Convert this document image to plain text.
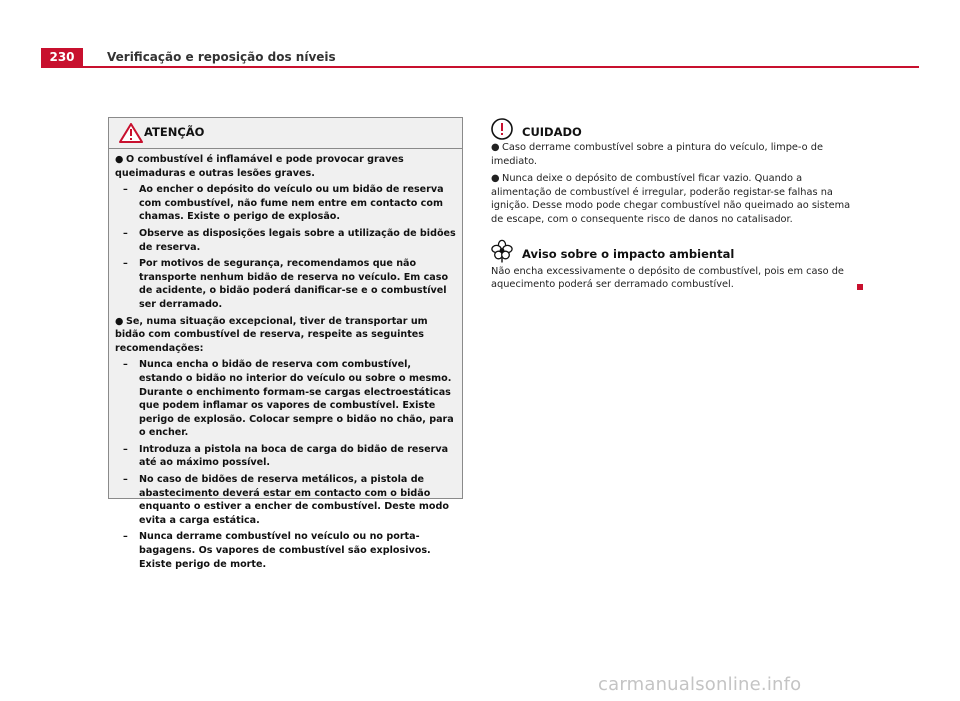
230	Verificação e reposição dos níveis
ATENÇÃO
● O combustível é inflamável e pode provocar graves queimaduras e outras lesões graves.
– Ao encher o depósito do veículo ou um bidão de reserva com combustível, não fume nem entre em contacto com chamas. Existe o perigo de explosão.
– Observe as disposições legais sobre a utilização de bidões de reserva.
– Por motivos de segurança, recomendamos que não transporte nenhum bidão de reserva no veículo. Em caso de acidente, o bidão poderá danificar-se e o combustível ser derramado.
● Se, numa situação excepcional, tiver de transportar um bidão com combustível de reserva, respeite as seguintes recomendações:
– Nunca encha o bidão de reserva com combustível, estando o bidão no interior do veículo ou sobre o mesmo. Durante o enchimento formam-se cargas electroestáticas que podem inflamar os vapores de combustível. Existe perigo de explosão. Colocar sempre o bidão no chão, para o encher.
– Introduza a pistola na boca de carga do bidão de reserva até ao máximo possível.
– No caso de bidões de reserva metálicos, a pistola de abastecimento deverá estar em contacto com o bidão enquanto o estiver a encher de combustível. Deste modo evita a carga estática.
– Nunca derrame combustível no veículo ou no porta-bagagens. Os vapores de combustível são explosivos. Existe perigo de morte.
CUIDADO
● Caso derrame combustível sobre a pintura do veículo, limpe-o de imediato.
● Nunca deixe o depósito de combustível ficar vazio. Quando a alimentação de combustível é irregular, poderão registar-se falhas na ignição. Desse modo pode chegar combustível não queimado ao sistema de escape, com o consequente risco de danos no catalisador.
Aviso sobre o impacto ambiental
Não encha excessivamente o depósito de combustível, pois em caso de aquecimento poderá ser derramado combustível.
carmanualsonline.info
